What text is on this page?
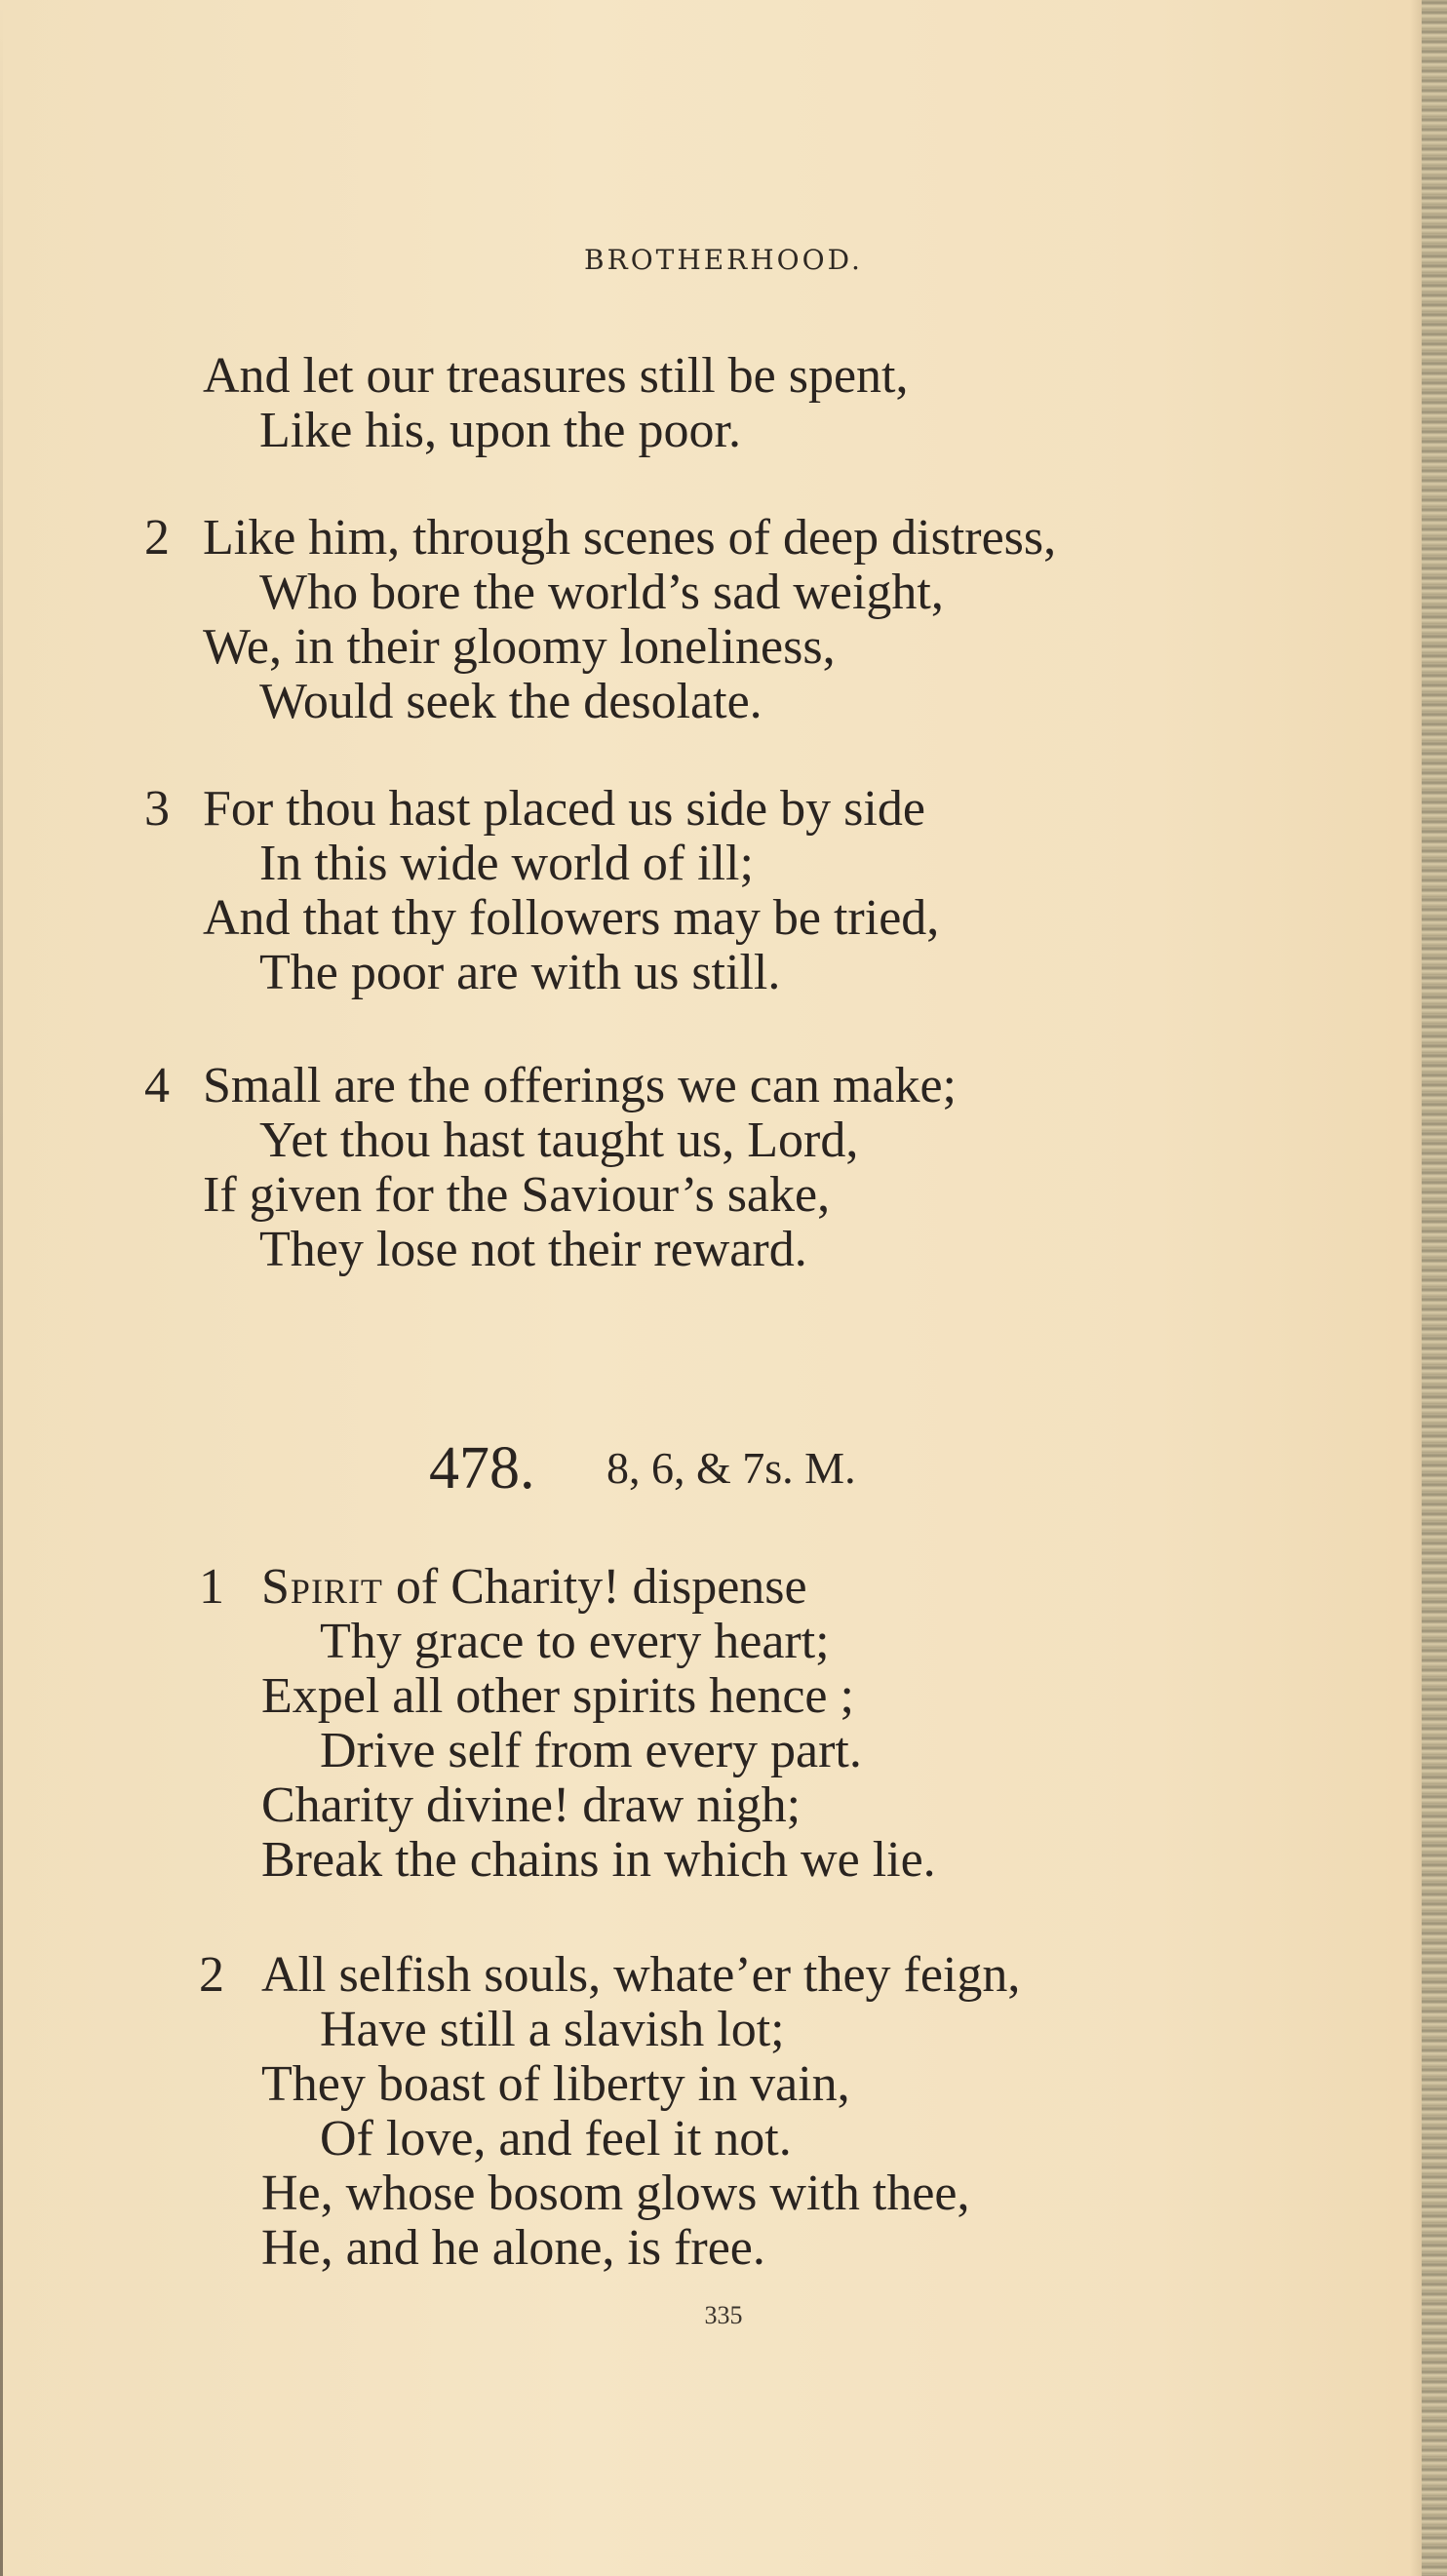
BROTHERHOOD.
And let our treasures still be spent,
Like his, upon the poor.
2 Like him, through scenes of deep distress,
Who bore the world’s sad weight,
We, in their gloomy loneliness,
Would seek the desolate.
3 For thou hast placed us side by side
In this wide world of ill;
And that thy followers may be tried,
The poor are with us still.
4 Small are the offerings we can make;
Yet thou hast taught us, Lord,
If given for the Saviour’s sake,
They lose not their reward.
478. 8, 6, & 7s. M.
1 Spirit of Charity! dispense
Thy grace to every heart;
Expel all other spirits hence ;
Drive self from every part.
Charity divine! draw nigh;
Break the chains in which we lie.
2 All selfish souls, whate’er they feign,
Have still a slavish lot;
They boast of liberty in vain,
Of love, and feel it not.
He, whose bosom glows with thee,
He, and he alone, is free.
335
